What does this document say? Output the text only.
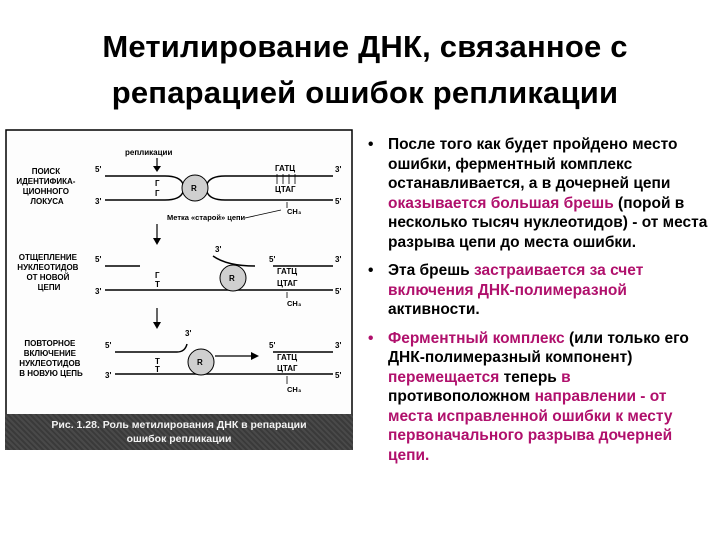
Метилирование ДНК, связанное с репарацией ошибок репликации
репликации
ПОИСК ИДЕНТИФИКА- ЦИОННОГО ЛОКУСА
5'
3'
3'
5'
Г
Г
R
ГАТЦ
ЦТАГ
СН₃
Метка «старой» цепи
ОТЩЕПЛЕНИЕ НУКЛЕОТИДОВ ОТ НОВОЙ ЦЕПИ
3'
5'
3'
5'	3'
5'
Г
Т
R
ГАТЦ
ЦТАГ
СН₃
ПОВТОРНОЕ ВКЛЮЧЕНИЕ НУКЛЕОТИДОВ В НОВУЮ ЦЕПЬ
3'
5'
3'
5'	3'
5'
Т
Т
R
ГАТЦ
ЦТАГ
СН₃
Рис. 1.28. Роль метилирования ДНК в репарации
ошибок репликации
• После того как будет пройдено место ошибки, ферментный комплекс останавливается, а в дочерней цепи оказывается большая брешь (порой в несколько тысяч нуклеотидов) - от места разрыва цепи до места ошибки.
• Эта брешь застраивается за счет включения ДНК-полимеразной активности.
• Ферментный комплекс (или только его ДНК-полимеразный компонент) перемещается теперь в противоположном направлении - от места исправленной ошибки к месту первоначального разрыва дочерней цепи.
